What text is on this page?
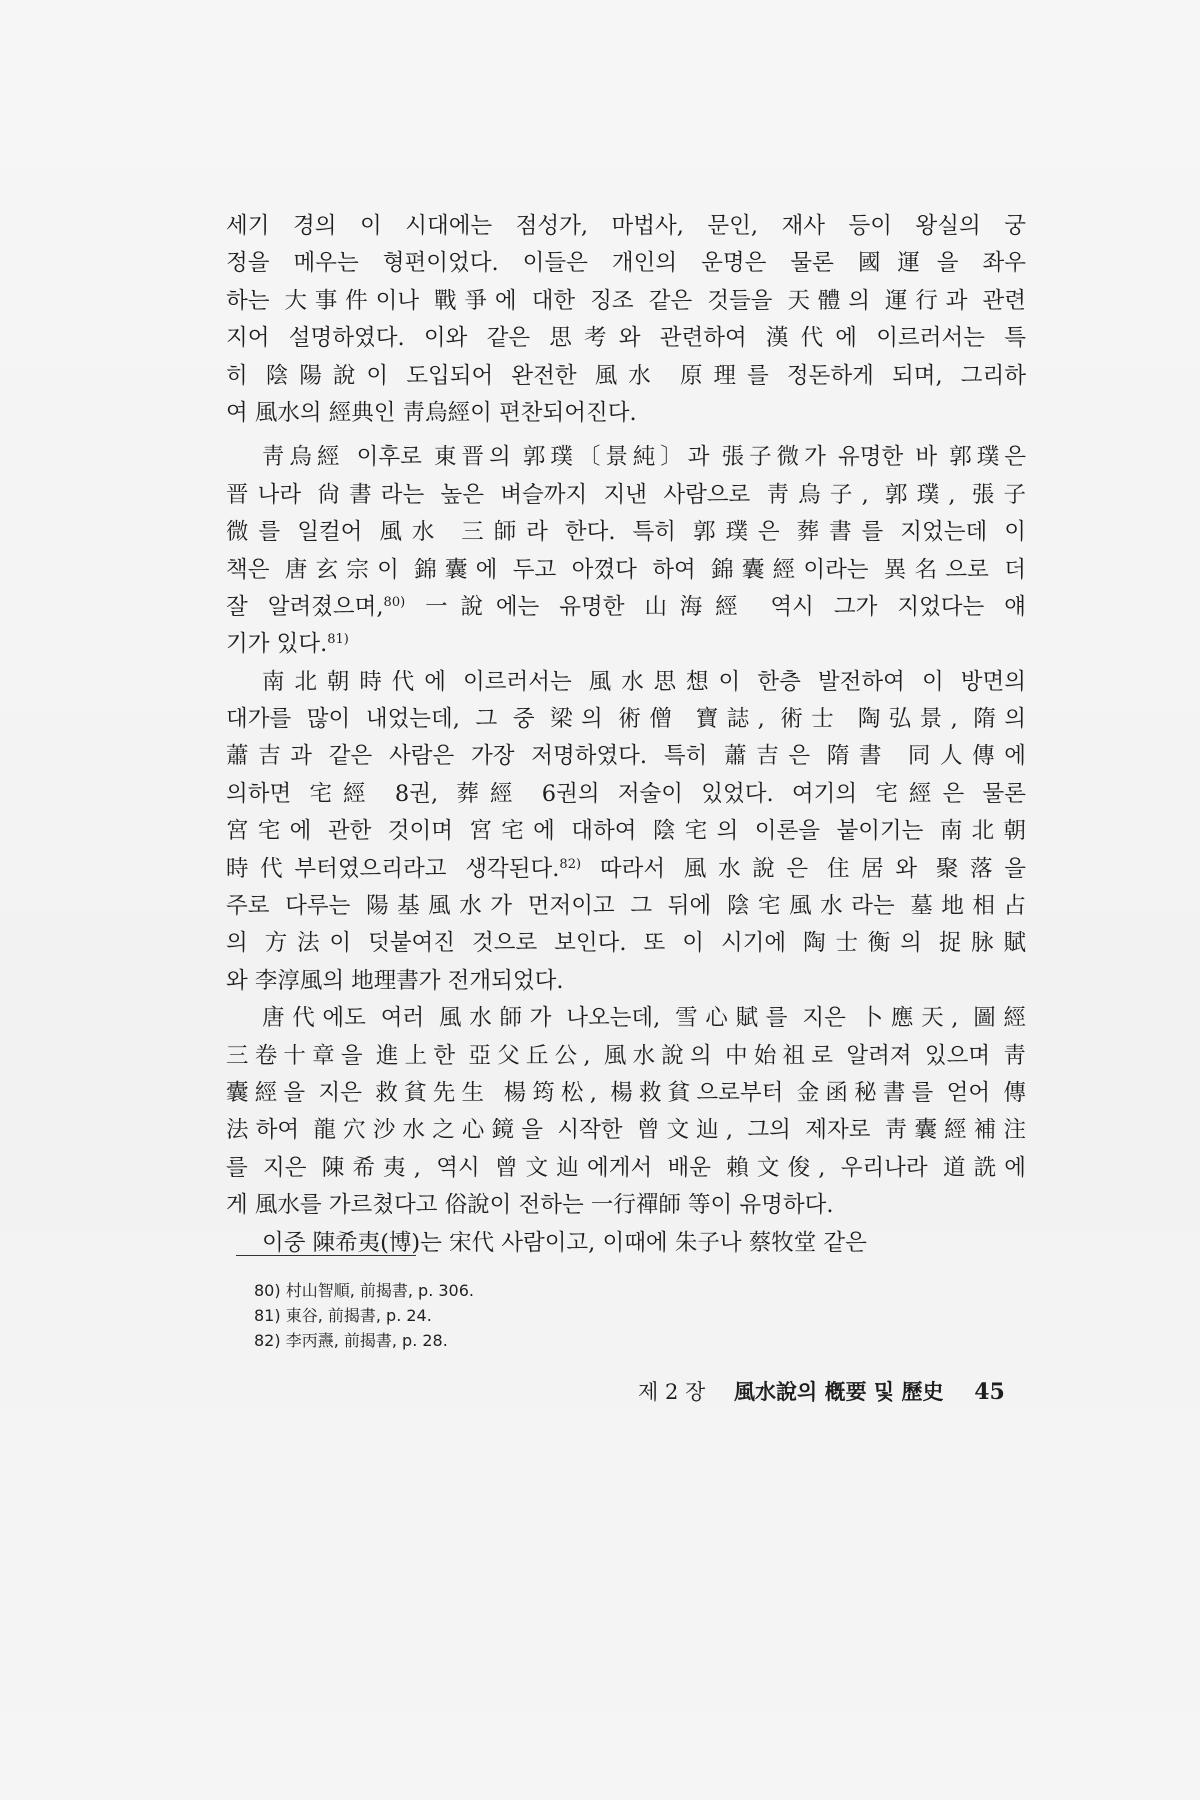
세기 경의 이 시대에는 점성가, 마법사, 문인, 재사 등이 왕실의 궁
정을 메우는 형편이었다. 이들은 개인의 운명은 물론 國運을 좌우
하는 大事件이나 戰爭에 대한 징조 같은 것들을 天體의 運行과 관련
지어 설명하였다. 이와 같은 思考와 관련하여 漢代에 이르러서는 특
히 陰陽說이 도입되어 완전한 風水 原理를 정돈하게 되며, 그리하
여 風水의 經典인 靑烏經이 편찬되어진다.
靑烏經 이후로 東晋의 郭璞〔景純〕과 張子微가 유명한 바 郭璞은
晋나라 尙書라는 높은 벼슬까지 지낸 사람으로 靑烏子, 郭璞, 張子
微를 일컬어 風水 三師라 한다. 특히 郭璞은 葬書를 지었는데 이
책은 唐玄宗이 錦囊에 두고 아꼈다 하여 錦囊經이라는 異名으로 더
잘 알려졌으며,$^{80)}$ 一說에는 유명한 山海經 역시 그가 지었다는 얘
기가 있다.$^{81)}$
南北朝時代에 이르러서는 風水思想이 한층 발전하여 이 방면의
대가를 많이 내었는데, 그 중 梁의 術僧 寶誌, 術士 陶弘景, 隋의
蕭吉과 같은 사람은 가장 저명하였다. 특히 蕭吉은 隋書 同人傳에
의하면 宅經 8권, 葬經 6권의 저술이 있었다. 여기의 宅經은 물론
宮宅에 관한 것이며 宮宅에 대하여 陰宅의 이론을 붙이기는 南北朝
時代부터였으리라고 생각된다.$^{82)}$ 따라서 風水說은 住居와 聚落을
주로 다루는 陽基風水가 먼저이고 그 뒤에 陰宅風水라는 墓地相占
의 方法이 덧붙여진 것으로 보인다. 또 이 시기에 陶士衡의 捉脉賦
와 李淳風의 地理書가 전개되었다.
唐代에도 여러 風水師가 나오는데, 雪心賦를 지은 卜應天, 圖經
三卷十章을 進上한 亞父丘公, 風水說의 中始祖로 알려져 있으며 靑
囊經을 지은 救貧先生 楊筠松, 楊救貧으로부터 金函秘書를 얻어 傳
法하여 龍穴沙水之心鏡을 시작한 曾文辿, 그의 제자로 靑囊經補注
를 지은 陳希夷, 역시 曾文辿에게서 배운 賴文俊, 우리나라 道詵에
게 風水를 가르쳤다고 俗說이 전하는 一行禪師 等이 유명하다.
이중 陳希夷(博)는 宋代 사람이고, 이때에 朱子나 蔡牧堂 같은
80) 村山智順, 前揭書, p. 306.
81) 東谷, 前揭書, p. 24.
82) 李丙燾, 前揭書, p. 28.
제 2 장 風水說의 槪要 및 歷史 45
